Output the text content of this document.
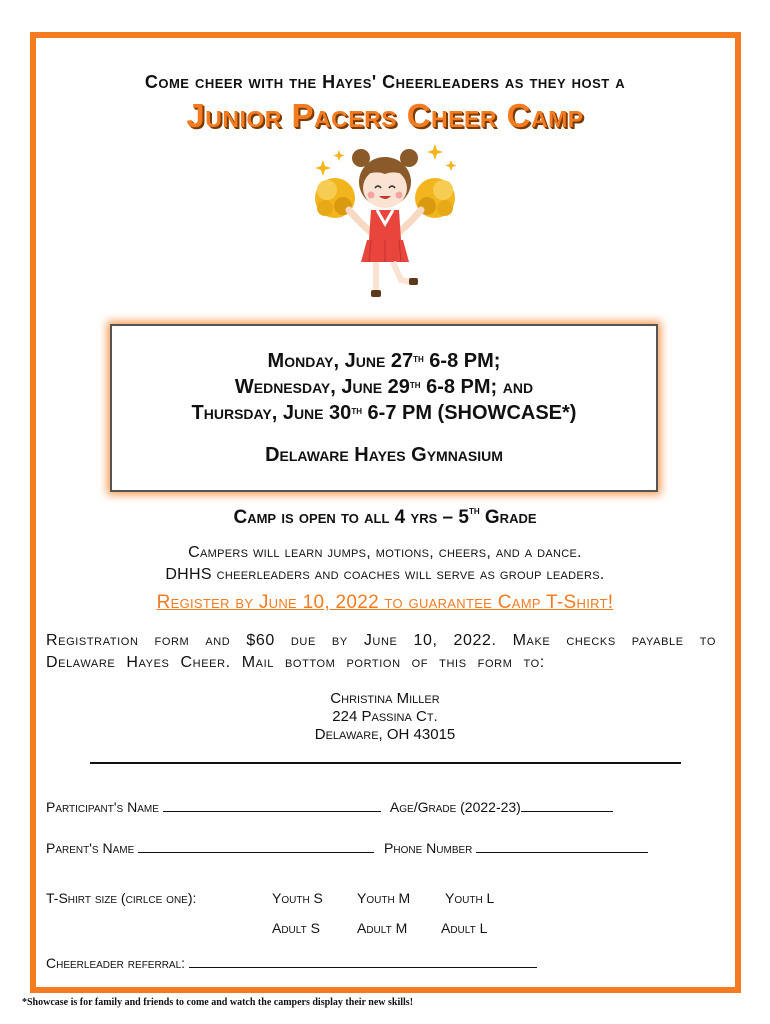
Come cheer with the Hayes' Cheerleaders as they host a
Junior Pacers Cheer Camp
Monday, June 27th 6-8 PM;
Wednesday, June 29th 6-8 PM; and
Thursday, June 30th 6-7 PM (SHOWCASE*)
Delaware Hayes Gymnasium
Camp is open to all 4 yrs – 5th Grade
Campers will learn jumps, motions, cheers, and a dance.
DHHS cheerleaders and coaches will serve as group leaders.
Register by June 10, 2022 to guarantee Camp T-Shirt!
Registration form and $60 due by June 10, 2022. Make checks payable to Delaware Hayes Cheer. Mail bottom portion of this form to:
Christina Miller
224 Passina Ct.
Delaware, OH 43015
Participant's Name	Age/Grade (2022-23)
Parent's Name	Phone Number
T-Shirt size (cirlce one):	Youth S Youth M Youth L
Adult S	Adult M Adult L
Cheerleader referral:
*Showcase is for family and friends to come and watch the campers display their new skills!
